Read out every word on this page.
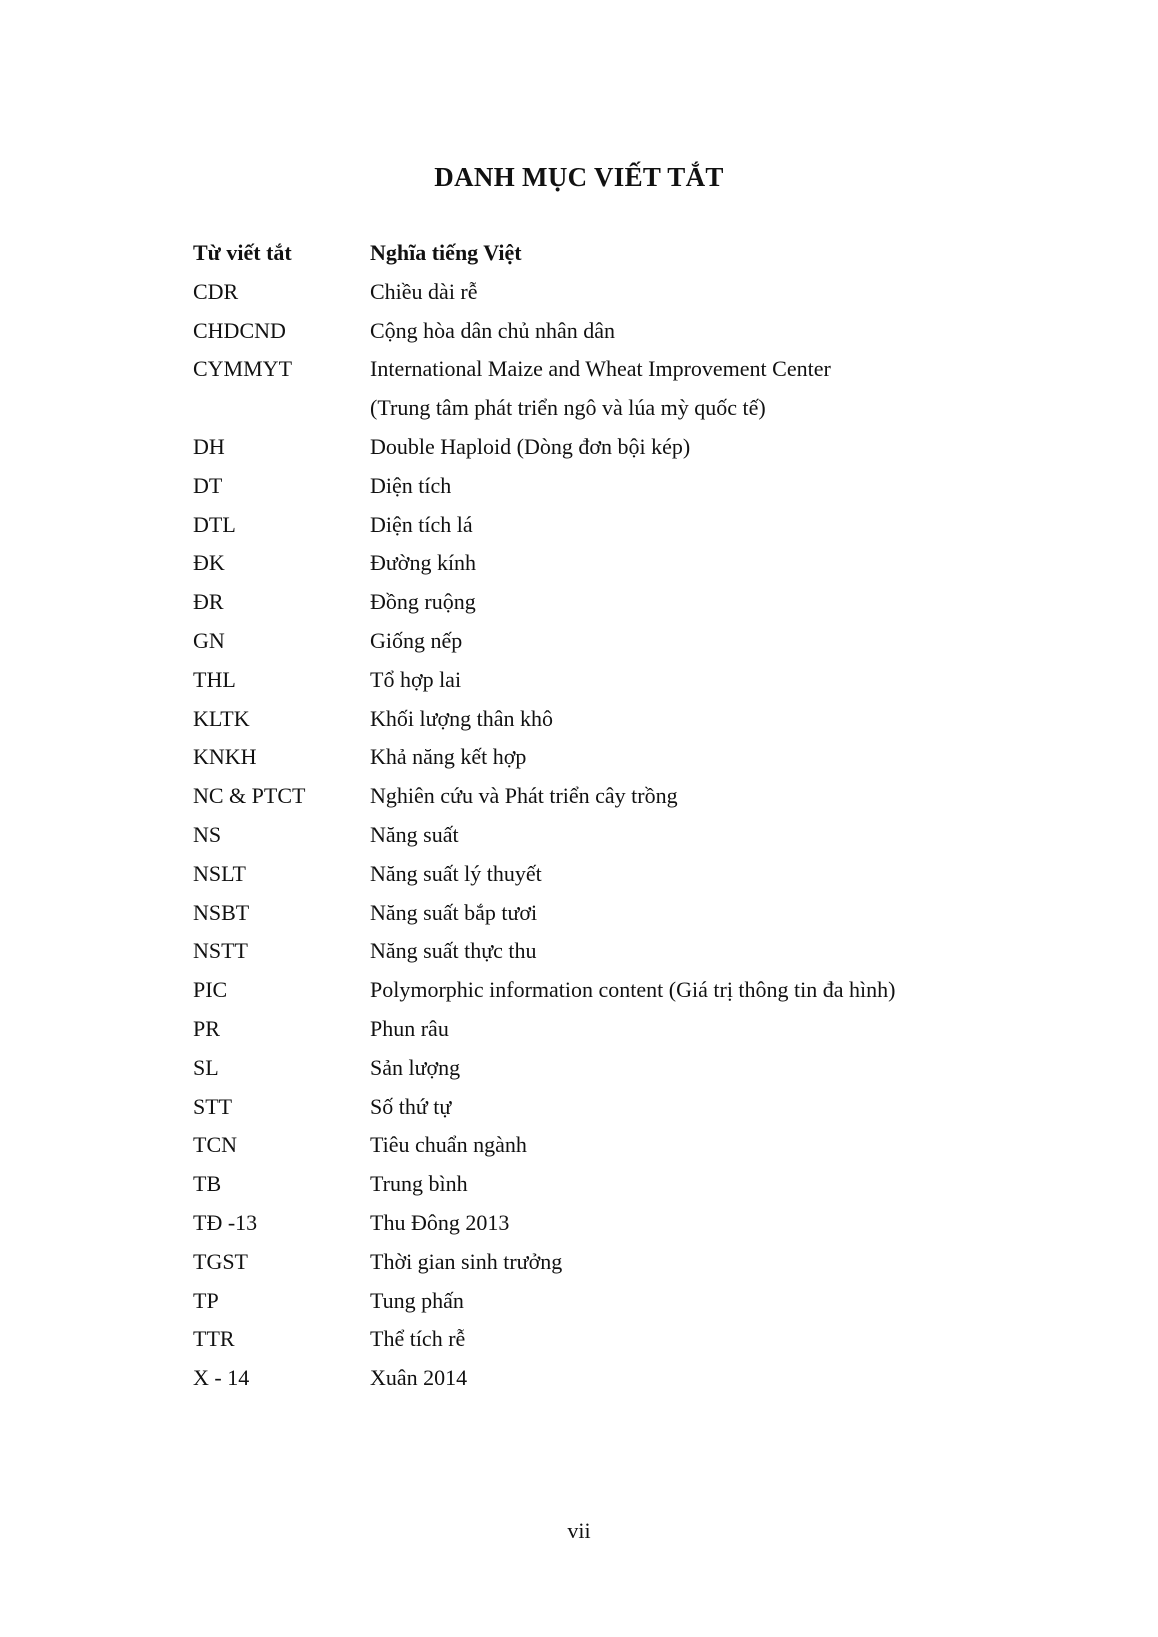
DANH MỤC VIẾT TẮT
Từ viết tắt	Nghĩa tiếng Việt
CDR	Chiều dài rễ
CHDCND	Cộng hòa dân chủ nhân dân
CYMMYT	International Maize and Wheat Improvement Center
(Trung tâm phát triển ngô và lúa mỳ quốc tế)
DH	Double Haploid (Dòng đơn bội kép)
DT	Diện tích
DTL	Diện tích lá
ĐK	Đường kính
ĐR	Đồng ruộng
GN	Giống nếp
THL	Tổ hợp lai
KLTK	Khối lượng thân khô
KNKH	Khả năng kết hợp
NC & PTCT	Nghiên cứu và Phát triển cây trồng
NS	Năng suất
NSLT	Năng suất lý thuyết
NSBT	Năng suất bắp tươi
NSTT	Năng suất thực thu
PIC	Polymorphic information content (Giá trị thông tin đa hình)
PR	Phun râu
SL	Sản lượng
STT	Số thứ tự
TCN	Tiêu chuẩn ngành
TB	Trung bình
TĐ -13	Thu Đông 2013
TGST	Thời gian sinh trưởng
TP	Tung phấn
TTR	Thể tích rễ
X - 14	Xuân 2014
vii
